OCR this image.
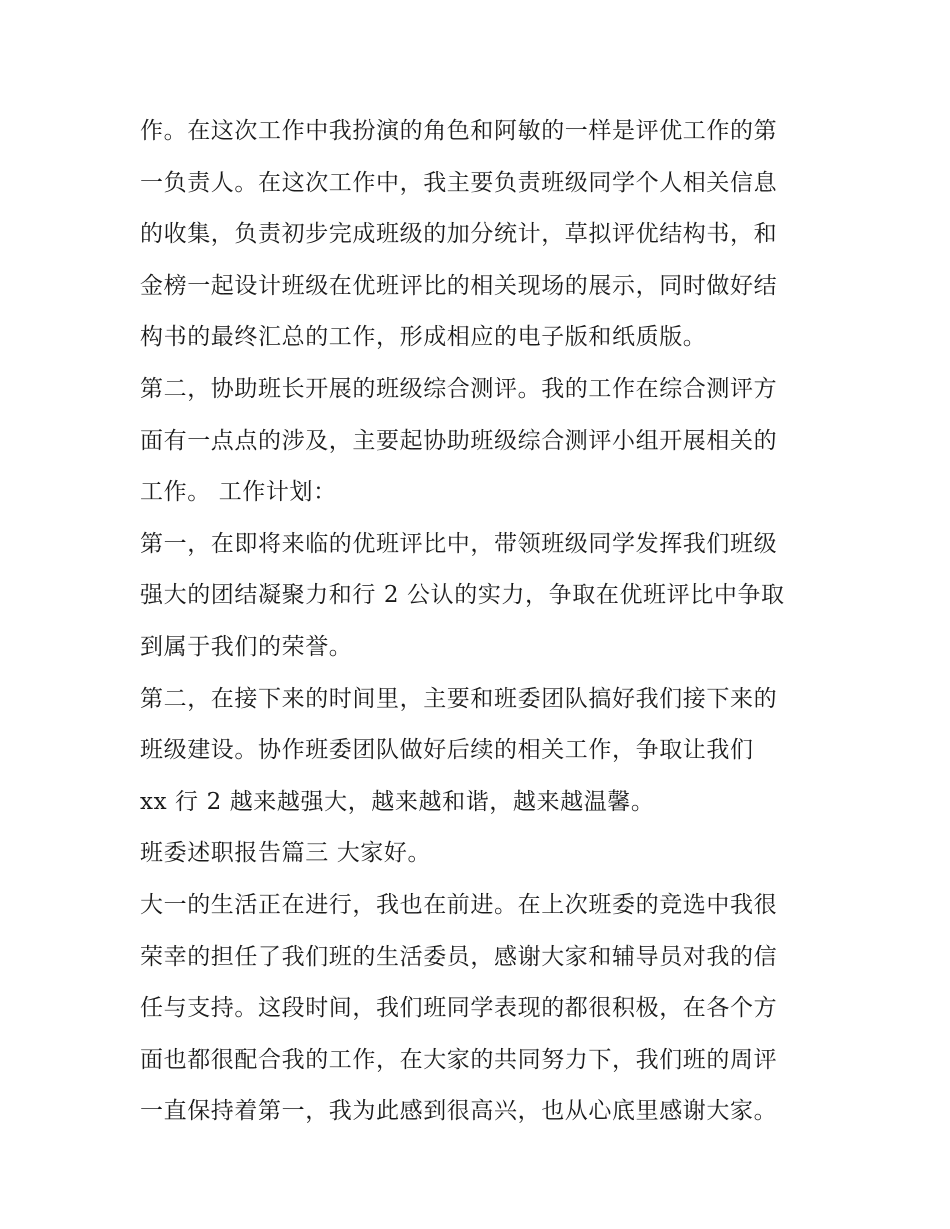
作。在这次工作中我扮演的角色和阿敏的一样是评优工作的第
一负责人。在这次工作中，我主要负责班级同学个人相关信息
的收集，负责初步完成班级的加分统计，草拟评优结构书，和
金榜一起设计班级在优班评比的相关现场的展示，同时做好结
构书的最终汇总的工作，形成相应的电子版和纸质版。
第二，协助班长开展的班级综合测评。我的工作在综合测评方
面有一点点的涉及，主要起协助班级综合测评小组开展相关的
工作。 工作计划：
第一，在即将来临的优班评比中，带领班级同学发挥我们班级
强大的团结凝聚力和行 2 公认的实力，争取在优班评比中争取
到属于我们的荣誉。
第二，在接下来的时间里，主要和班委团队搞好我们接下来的
班级建设。协作班委团队做好后续的相关工作，争取让我们
xx 行 2 越来越强大，越来越和谐，越来越温馨。
班委述职报告篇三 大家好。
大一的生活正在进行，我也在前进。在上次班委的竞选中我很
荣幸的担任了我们班的生活委员，感谢大家和辅导员对我的信
任与支持。这段时间，我们班同学表现的都很积极，在各个方
面也都很配合我的工作，在大家的共同努力下，我们班的周评
一直保持着第一，我为此感到很高兴，也从心底里感谢大家。
